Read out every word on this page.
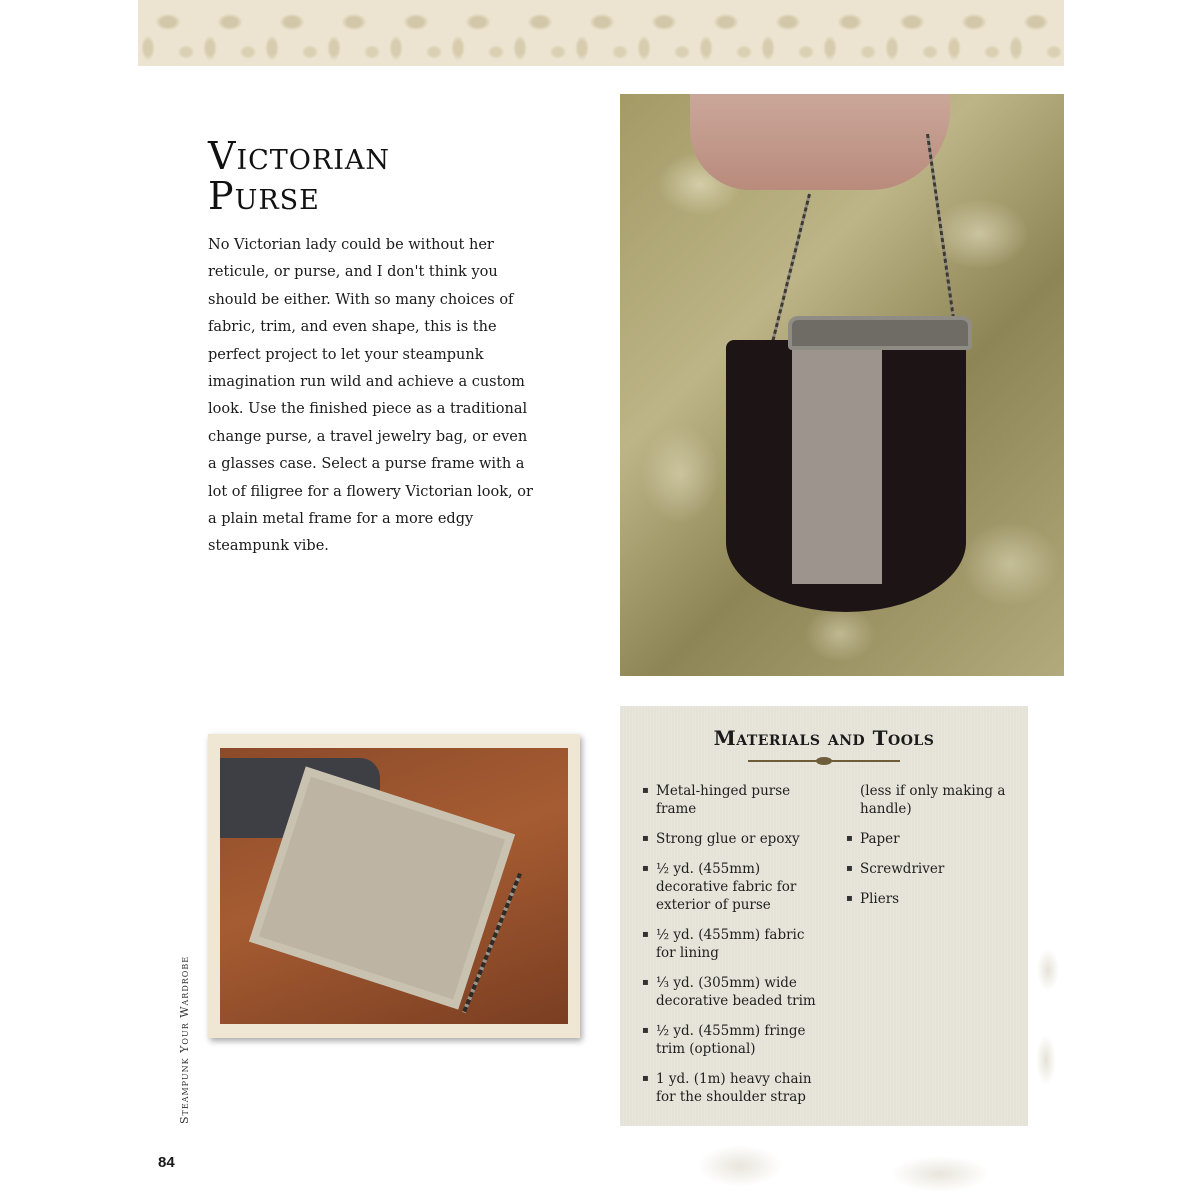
Victorian
Purse

No Victorian lady could be without her reticule, or purse, and I don't think you should be either. With so many choices of fabric, trim, and even shape, this is the perfect project to let your steampunk imagination run wild and achieve a custom look. Use the finished piece as a traditional change purse, a travel jewelry bag, or even a glasses case. Select a purse frame with a lot of filigree for a flowery Victorian look, or a plain metal frame for a more edgy steampunk vibe.

Materials and Tools
▪ Metal-hinged purse frame
▪ Strong glue or epoxy
▪ ½ yd. (455mm) decorative fabric for exterior of purse
▪ ½ yd. (455mm) fabric for lining
▪ ⅓ yd. (305mm) wide decorative beaded trim
▪ ½ yd. (455mm) fringe trim (optional)
▪ 1 yd. (1m) heavy chain for the shoulder strap
(less if only making a handle)
▪ Paper
▪ Screwdriver
▪ Pliers

Steampunk Your Wardrobe

84
